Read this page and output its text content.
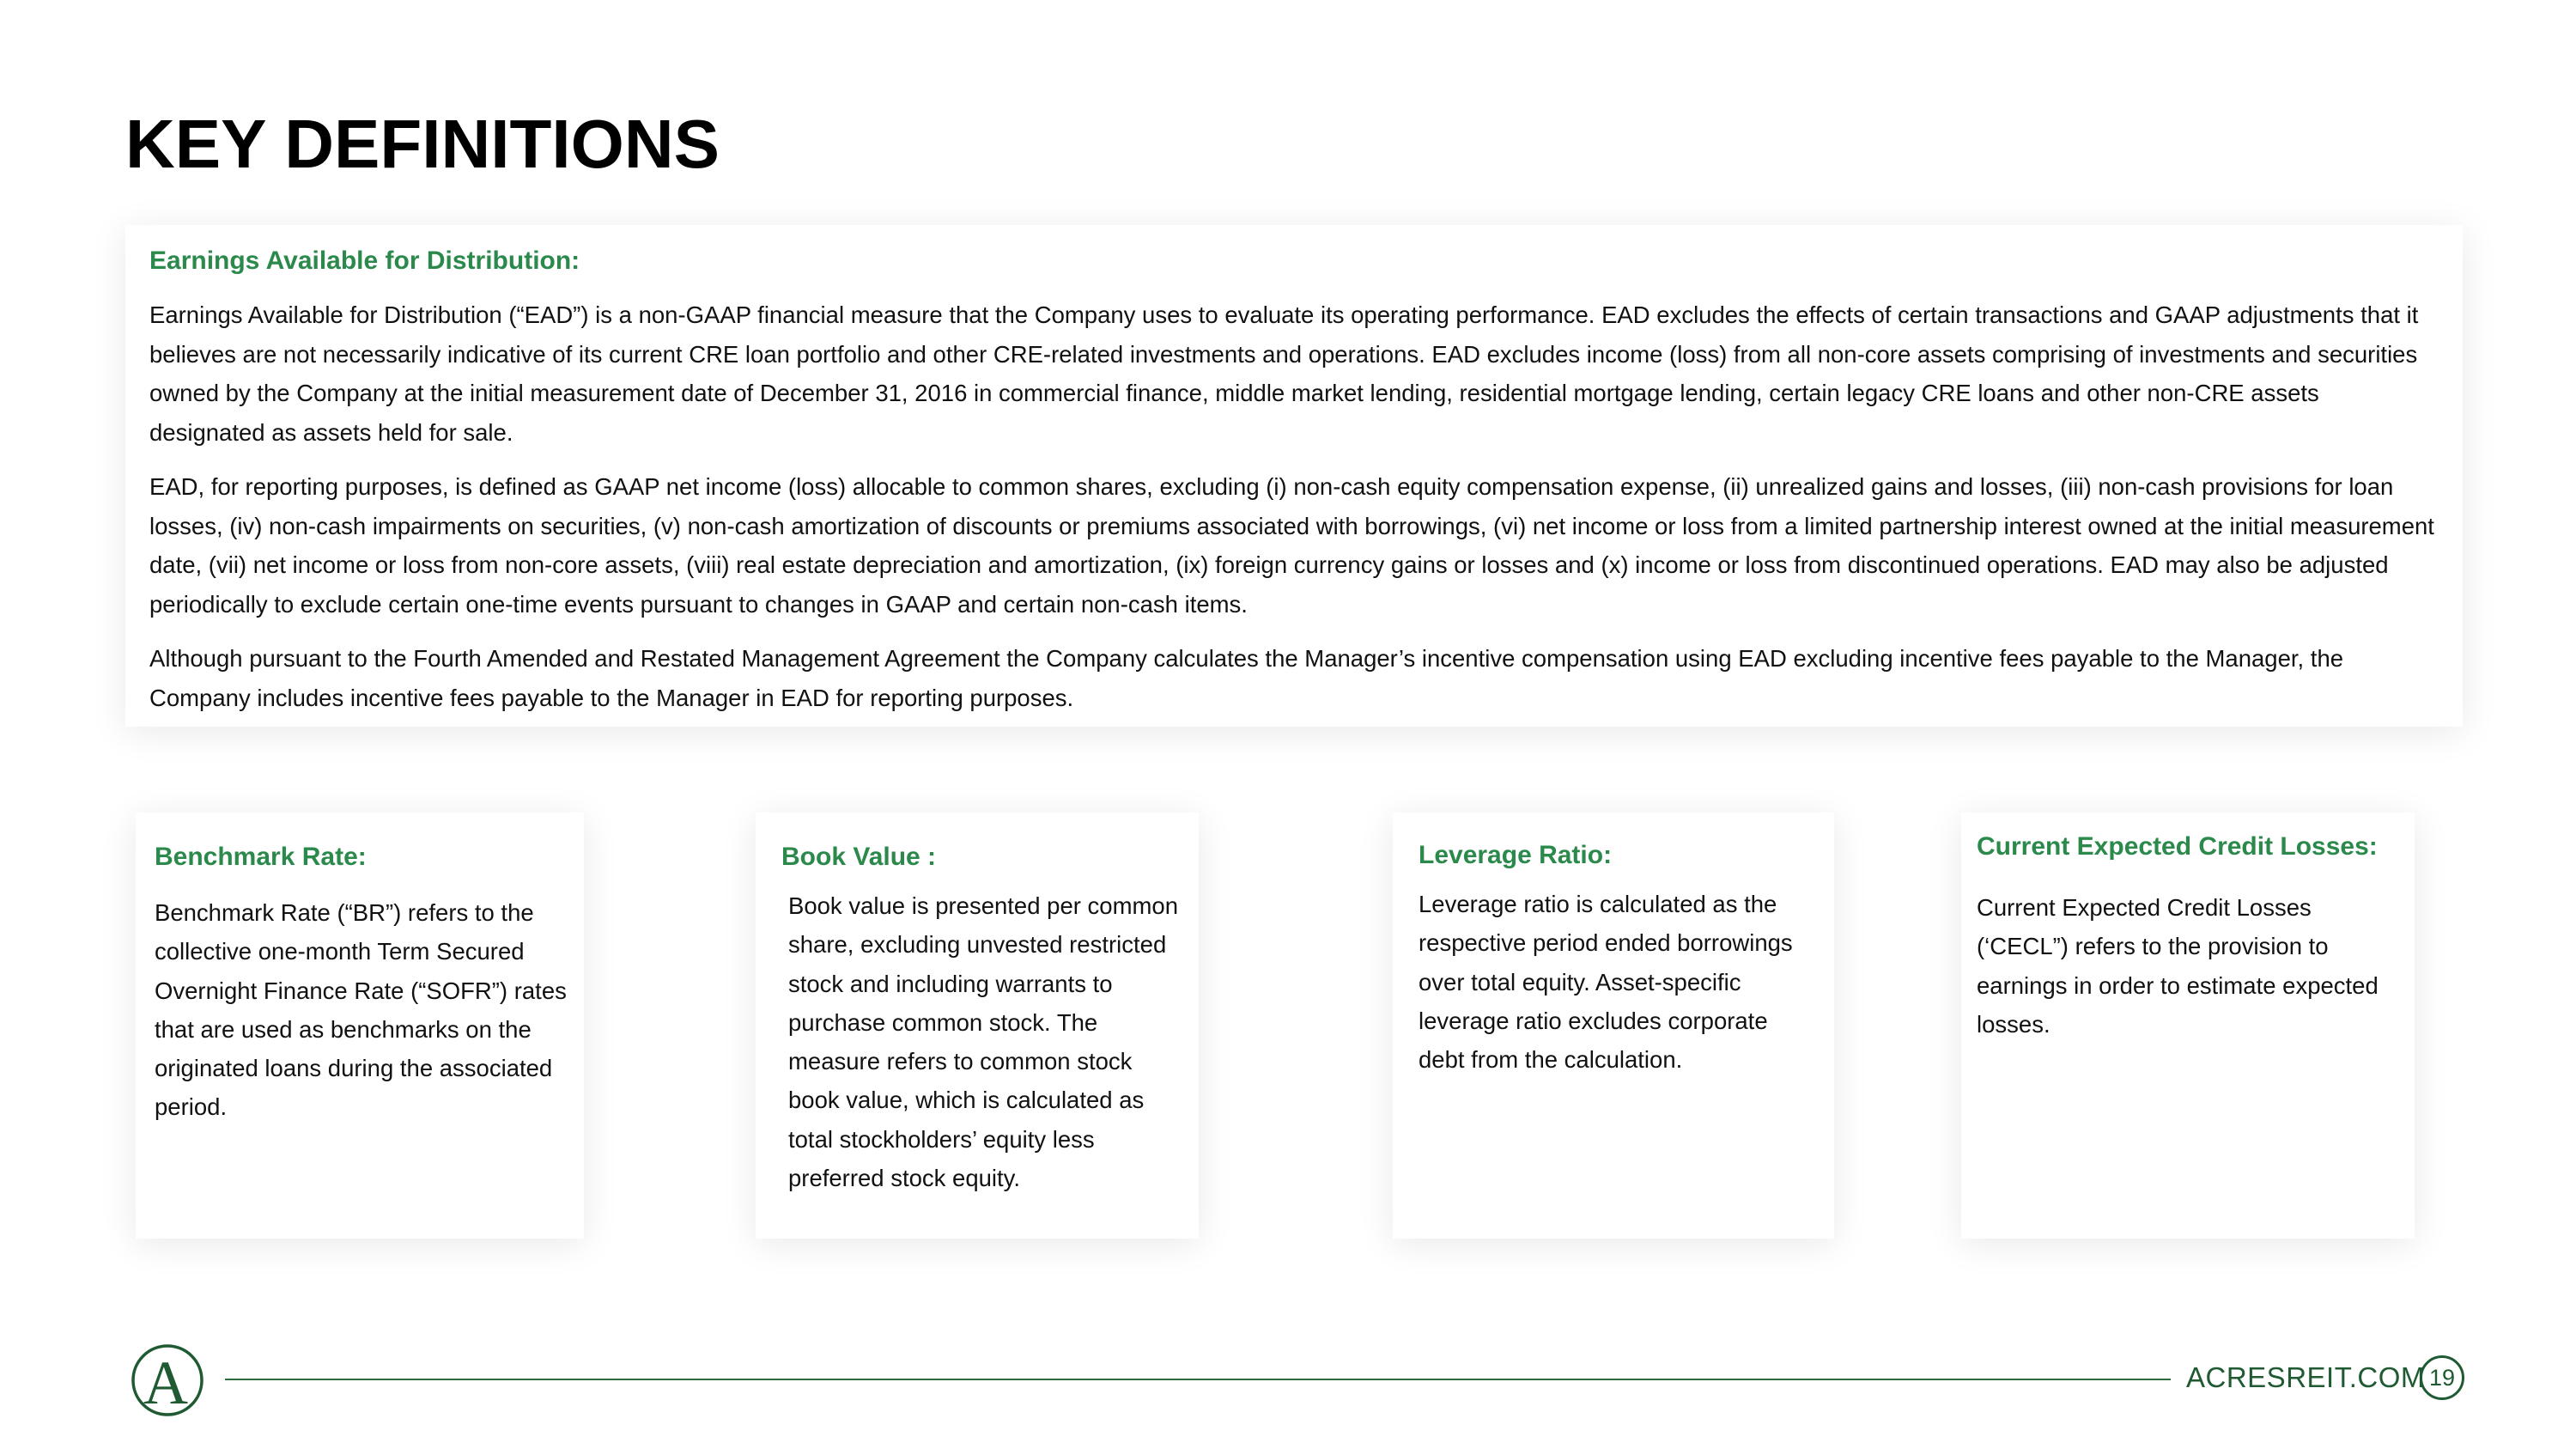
KEY DEFINITIONS
Earnings Available for Distribution:

Earnings Available for Distribution (“EAD”) is a non-GAAP financial measure that the Company uses to evaluate its operating performance. EAD excludes the effects of certain transactions and GAAP adjustments that it believes are not necessarily indicative of its current CRE loan portfolio and other CRE-related investments and operations. EAD excludes income (loss) from all non-core assets comprising of investments and securities owned by the Company at the initial measurement date of December 31, 2016 in commercial finance, middle market lending, residential mortgage lending, certain legacy CRE loans and other non-CRE assets designated as assets held for sale.

EAD, for reporting purposes, is defined as GAAP net income (loss) allocable to common shares, excluding (i) non-cash equity compensation expense, (ii) unrealized gains and losses, (iii) non-cash provisions for loan losses, (iv) non-cash impairments on securities, (v) non-cash amortization of discounts or premiums associated with borrowings, (vi) net income or loss from a limited partnership interest owned at the initial measurement date, (vii) net income or loss from non-core assets, (viii) real estate depreciation and amortization, (ix) foreign currency gains or losses and (x) income or loss from discontinued operations. EAD may also be adjusted periodically to exclude certain one-time events pursuant to changes in GAAP and certain non-cash items.

Although pursuant to the Fourth Amended and Restated Management Agreement the Company calculates the Manager’s incentive compensation using EAD excluding incentive fees payable to the Manager, the Company includes incentive fees payable to the Manager in EAD for reporting purposes.

Benchmark Rate:
Benchmark Rate (“BR”) refers to the collective one-month Term Secured Overnight Finance Rate (“SOFR”) rates that are used as benchmarks on the originated loans during the associated period.
Book Value :
Book value is presented per common share, excluding unvested restricted stock and including warrants to purchase common stock. The measure refers to common stock book value, which is calculated as total stockholders’ equity less preferred stock equity.
Leverage Ratio:
Leverage ratio is calculated as the respective period ended borrowings over total equity. Asset-specific leverage ratio excludes corporate debt from the calculation.
Current Expected Credit Losses:
Current Expected Credit Losses (‘CECL”) refers to the provision to earnings in order to estimate expected losses.
A	ACRESREIT.COM 19
